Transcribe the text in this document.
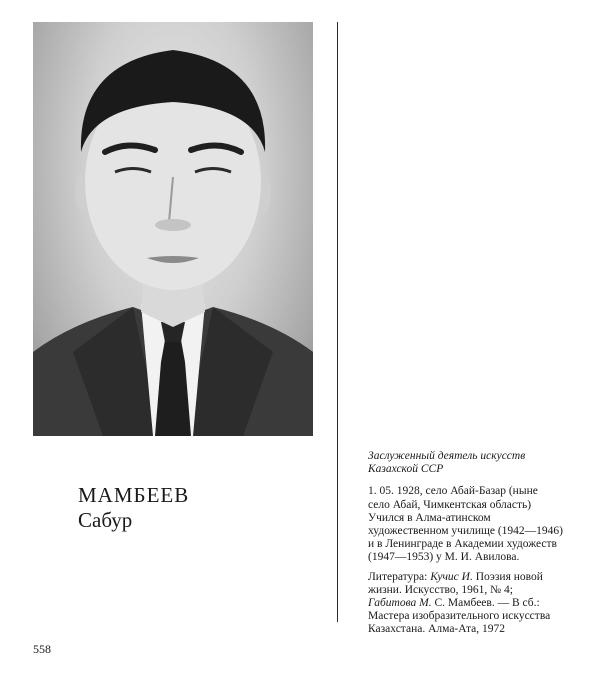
МАМБЕЕВ
Сабур
Заслуженный деятель искусств
Казахской ССР
1. 05. 1928, село Абай-Базар (ныне
село Абай, Чимкентская область)
Учился в Алма-атинском
художественном училище (1942—1946)
и в Ленинграде в Академии художеств
(1947—1953) у М. И. Авилова.
Литература: Кучис И. Поэзия новой
жизни. Искусство, 1961, № 4;
Габитова М. С. Мамбеев. — В сб.:
Мастера изобразительного искусства
Казахстана. Алма-Ата, 1972
558
